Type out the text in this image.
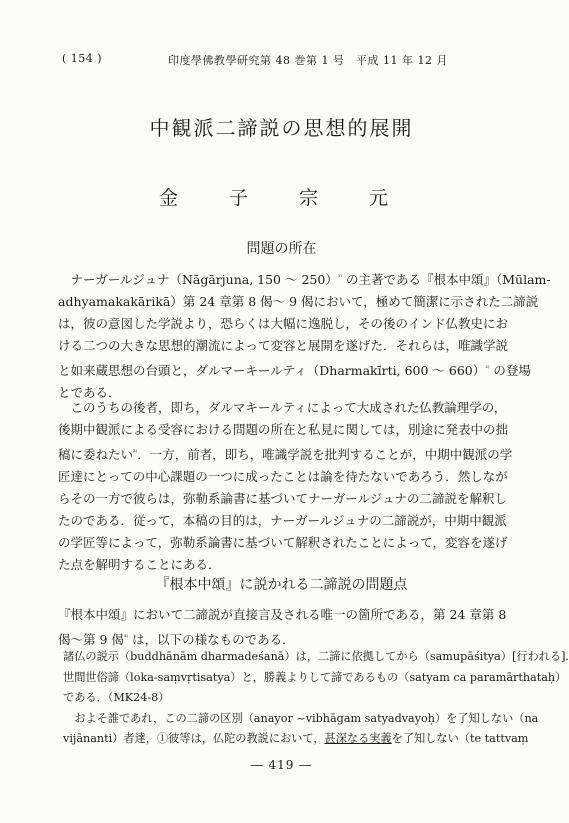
( 154 )	印度學佛教學研究第 48 巻第 1 号　平成 11 年 12 月
中観派二諦説の思想的展開
金　子　宗　元
問題の所在

　ナーガールジュナ（Nāgārjuna, 150 ～ 250）$^{^{1)}}$ の主著である『根本中頌』（Mūlam-

adhyamakakārikā）第 24 章第 8 偈～ 9 偈において，極めて簡潔に示された二諦説

は，彼の意図した学説より，恐らくは大幅に逸脱し，その後のインド仏教史にお

ける二つの大きな思想的潮流によって変容と展開を遂げた．それらは，唯識学説

と如来蔵思想の台頭と，ダルマーキールティ（Dharmakīrti, 600 ～ 660）$^{^{2)}}$ の登場

とである．

　このうちの後者，即ち，ダルマキールティによって大成された仏教論理学の，

後期中観派による受容における問題の所在と私見に関しては，別途に発表中の拙

稿に委ねたい$^{^{3)}}$．一方，前者，即ち，唯識学説を批判することが，中期中観派の学

匠達にとっての中心課題の一つに成ったことは論を待たないであろう．然しなが

らその一方で彼らは，弥勒系論書に基づいてナーガールジュナの二諦説を解釈し

たのである．従って，本稿の目的は，ナーガールジュナの二諦説が，中期中観派

の学匠等によって，弥勒系論書に基づいて解釈されたことによって，変容を遂げ

た点を解明することにある．

『根本中頌』に説かれる二諦説の問題点

『根本中頌』において二諦説が直接言及される唯一の箇所である，第 24 章第 8

偈～第 9 偈$^{^{4)}}$ は，以下の様なものである．

諸仏の説示（buddhānām dharmadeśanā）は，二諦に依拠してから（samupāśitya）[行われる].

世間世俗諦（loka-saṃvṛtisatya）と，勝義よりして諦であるもの（satyam ca paramārthataḥ）

である．（MK24-8）

　およそ誰であれ，この二諦の区別（anayor ~vibhāgam satyadvayoḥ）を了知しない（na

vijānanti）者達，①彼等は，仏陀の教説において，甚深なる実義を了知しない（te tattvaṃ

― 419 ―
